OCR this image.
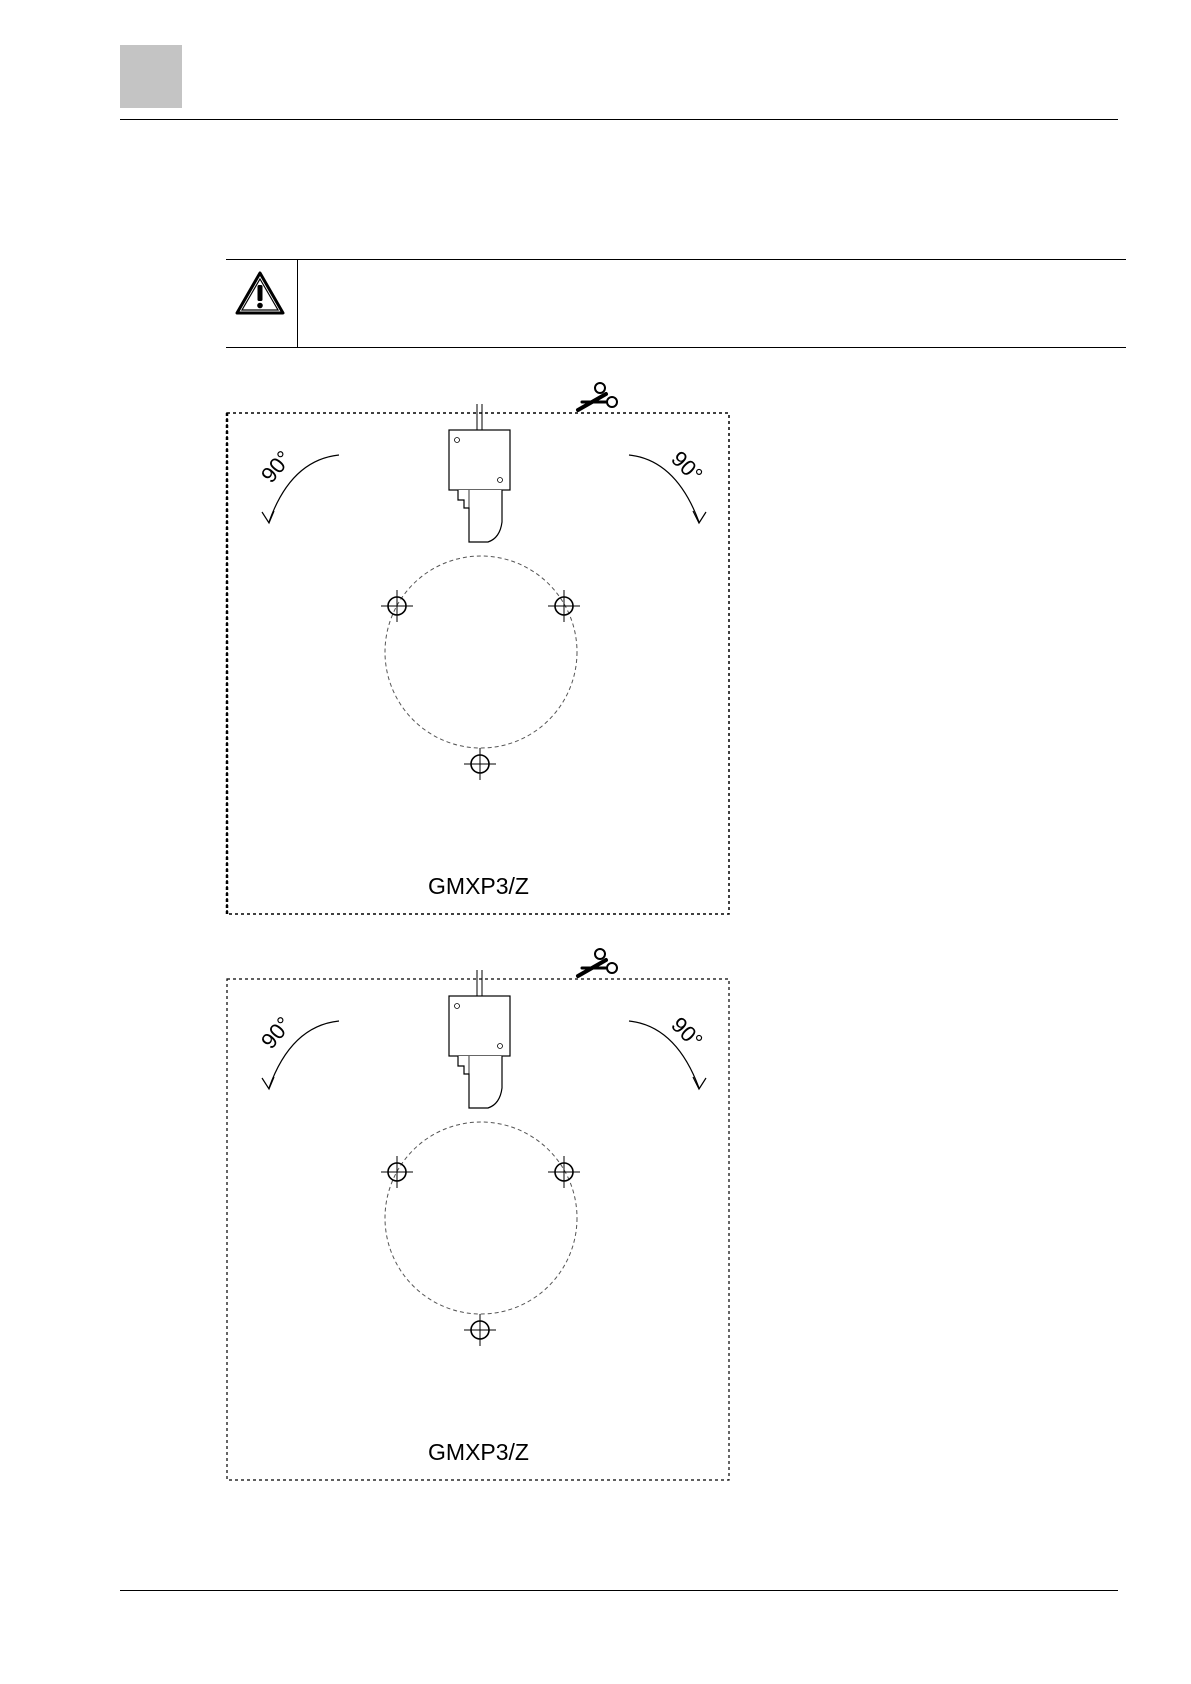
90°	90°
GMXP3/Z
90°	90°
GMXP3/Z
